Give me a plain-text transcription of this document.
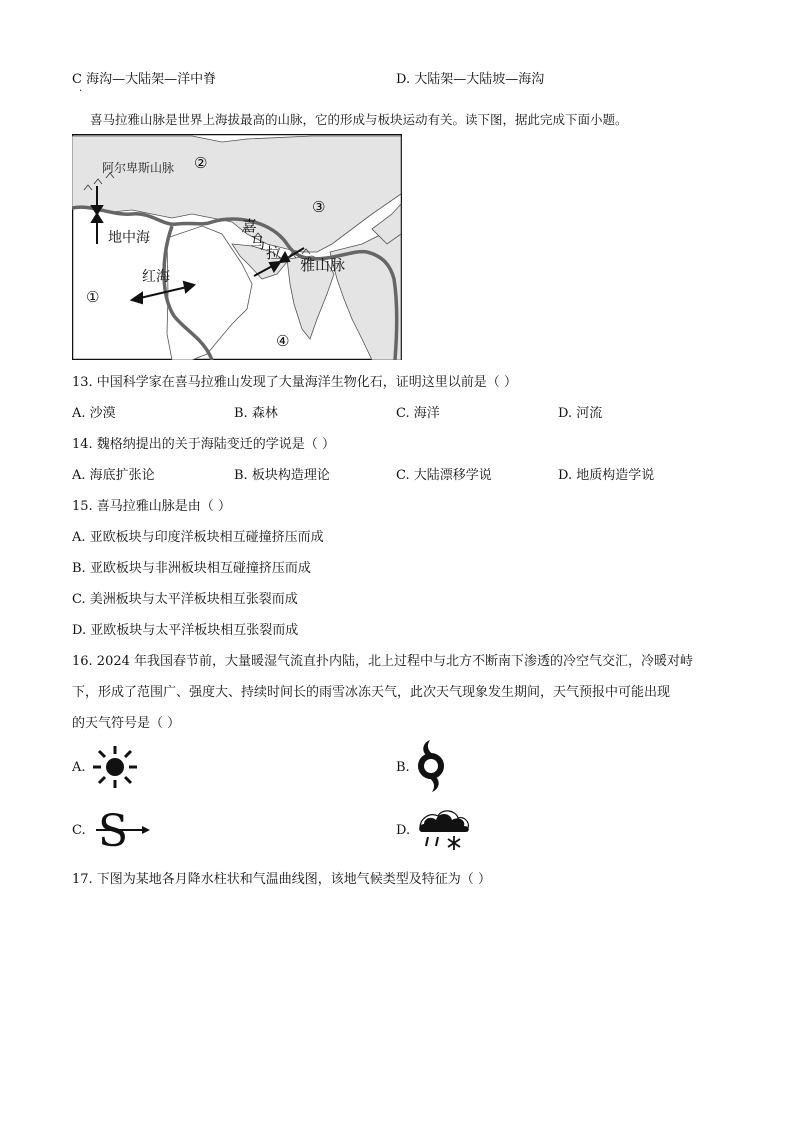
C 海沟—大陆架—洋中脊	D. 大陆架—大陆坡—海沟
·
喜马拉雅山脉是世界上海拔最高的山脉，它的形成与板块运动有关。读下图，据此完成下面小题。
阿尔卑斯山脉
地中海
红海
喜
马
拉
雅山脉
②
③
①
④
13. 中国科学家在喜马拉雅山发现了大量海洋生物化石，证明这里以前是（ ）
A. 沙漠	B. 森林	C. 海洋	D. 河流
14. 魏格纳提出的关于海陆变迁的学说是（ ）
A. 海底扩张论	B. 板块构造理论	C. 大陆漂移学说	D. 地质构造学说
15. 喜马拉雅山脉是由（ ）
A. 亚欧板块与印度洋板块相互碰撞挤压而成
B. 亚欧板块与非洲板块相互碰撞挤压而成
C. 美洲板块与太平洋板块相互张裂而成
D. 亚欧板块与太平洋板块相互张裂而成
16. 2024 年我国春节前，大量暖湿气流直扑内陆，北上过程中与北方不断南下渗透的冷空气交汇，冷暖对峙
下，形成了范围广、强度大、持续时间长的雨雪冰冻天气，此次天气现象发生期间，天气预报中可能出现
的天气符号是（ ）
A.	B.
C. S	D.
17. 下图为某地各月降水柱状和气温曲线图，该地气候类型及特征为（ ）
